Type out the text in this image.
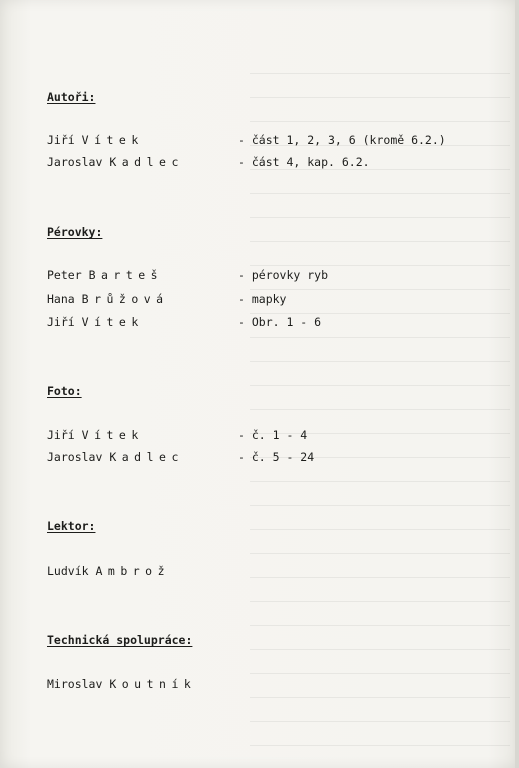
Autoři:
Jiří Vítek	- část 1, 2, 3, 6 (kromě 6.2.)
Jaroslav Kadlec	- část 4, kap. 6.2.
Pérovky:
Peter Barteš	- pérovky ryb
Hana Brůžová	- mapky
Jiří Vítek	- Obr. 1 - 6
Foto:
Jiří Vítek	- č. 1 - 4
Jaroslav Kadlec	- č. 5 - 24
Lektor:
Ludvík Ambrož
Technická spolupráce:
Miroslav Koutník
